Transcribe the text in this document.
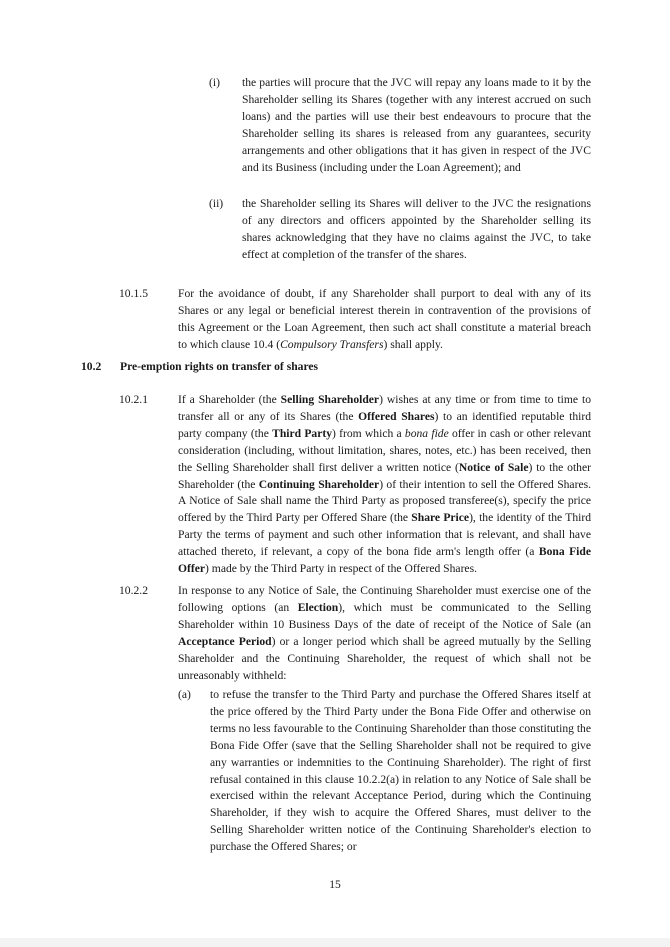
(i) the parties will procure that the JVC will repay any loans made to it by the Shareholder selling its Shares (together with any interest accrued on such loans) and the parties will use their best endeavours to procure that the Shareholder selling its shares is released from any guarantees, security arrangements and other obligations that it has given in respect of the JVC and its Business (including under the Loan Agreement); and

(ii) the Shareholder selling its Shares will deliver to the JVC the resignations of any directors and officers appointed by the Shareholder selling its shares acknowledging that they have no claims against the JVC, to take effect at completion of the transfer of the shares.

10.1.5	For the avoidance of doubt, if any Shareholder shall purport to deal with any of its Shares or any legal or beneficial interest therein in contravention of the provisions of this Agreement or the Loan Agreement, then such act shall constitute a material breach to which clause 10.4 (Compulsory Transfers) shall apply.

10.2 Pre-emption rights on transfer of shares
10.2.1	If a Shareholder (the Selling Shareholder) wishes at any time or from time to time to transfer all or any of its Shares (the Offered Shares) to an identified reputable third party company (the Third Party) from which a bona fide offer in cash or other relevant consideration (including, without limitation, shares, notes, etc.) has been received, then the Selling Shareholder shall first deliver a written notice (Notice of Sale) to the other Shareholder (the Continuing Shareholder) of their intention to sell the Offered Shares. A Notice of Sale shall name the Third Party as proposed transferee(s), specify the price offered by the Third Party per Offered Share (the Share Price), the identity of the Third Party the terms of payment and such other information that is relevant, and shall have attached thereto, if relevant, a copy of the bona fide arm's length offer (a Bona Fide Offer) made by the Third Party in respect of the Offered Shares.

10.2.2	In response to any Notice of Sale, the Continuing Shareholder must exercise one of the following options (an Election), which must be communicated to the Selling Shareholder within 10 Business Days of the date of receipt of the Notice of Sale (an Acceptance Period) or a longer period which shall be agreed mutually by the Selling Shareholder and the Continuing Shareholder, the request of which shall not be unreasonably withheld:

(a) to refuse the transfer to the Third Party and purchase the Offered Shares itself at the price offered by the Third Party under the Bona Fide Offer and otherwise on terms no less favourable to the Continuing Shareholder than those constituting the Bona Fide Offer (save that the Selling Shareholder shall not be required to give any warranties or indemnities to the Continuing Shareholder). The right of first refusal contained in this clause 10.2.2(a) in relation to any Notice of Sale shall be exercised within the relevant Acceptance Period, during which the Continuing Shareholder, if they wish to acquire the Offered Shares, must deliver to the Selling Shareholder written notice of the Continuing Shareholder's election to purchase the Offered Shares; or

15
